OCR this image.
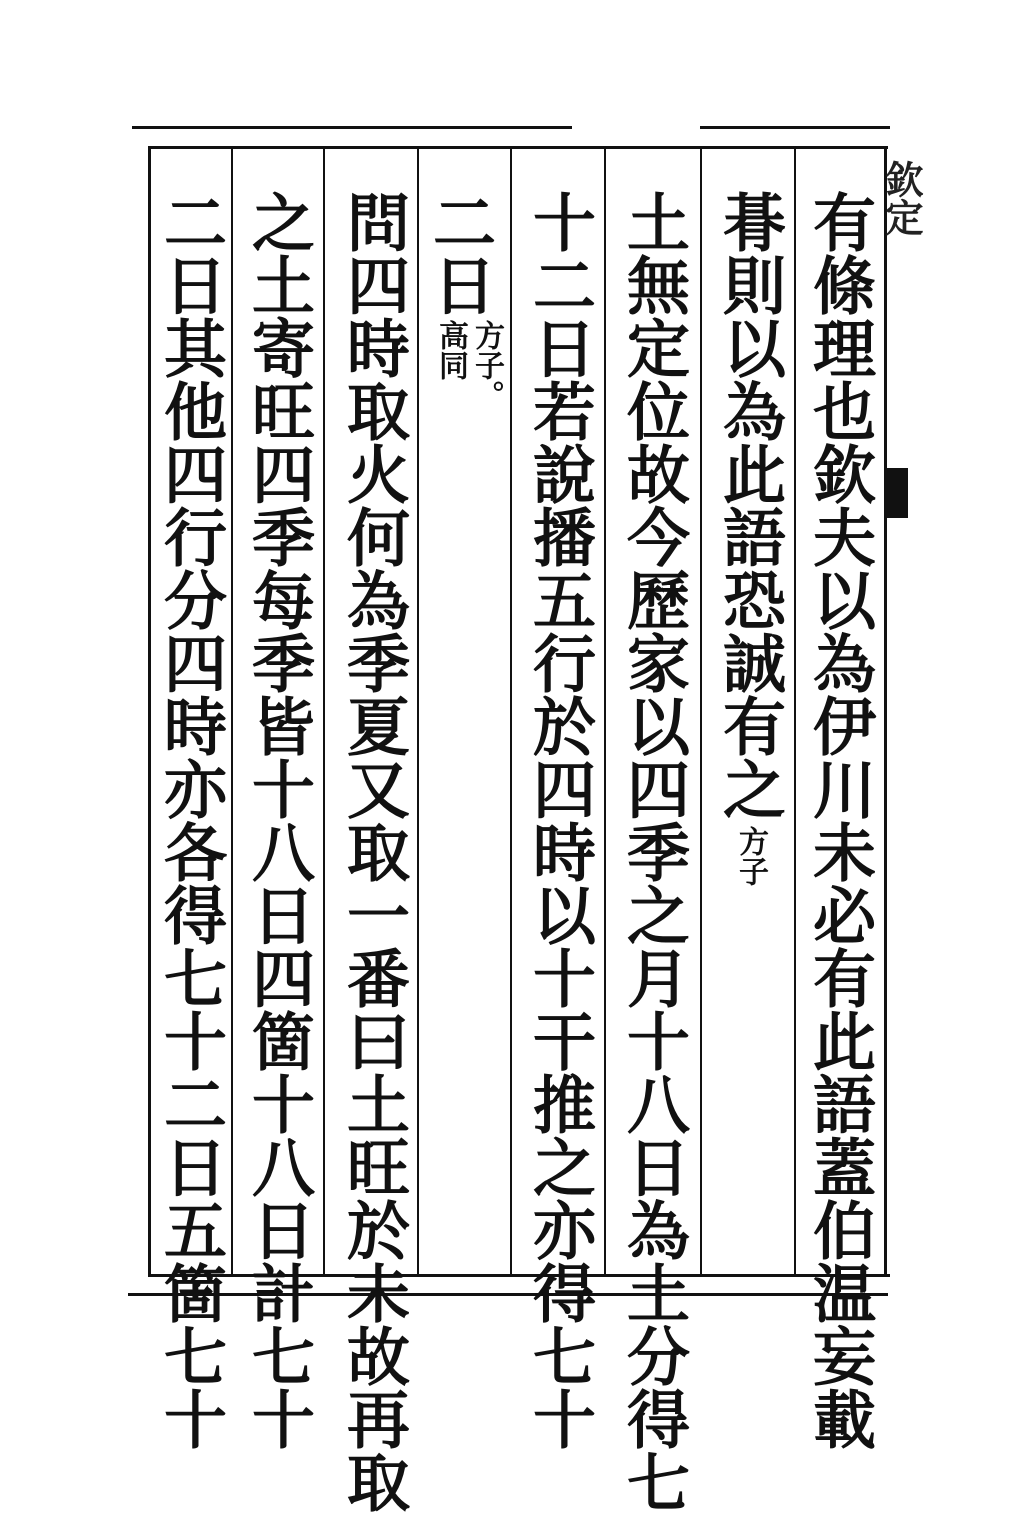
有條理也欽夫以為伊川未必有此語蓋伯温妄載
朞則以為此語恐誠有之
方子
土無定位故今歷家以四季之月十八日為土分得七
十二日若說播五行於四時以十干推之亦得七十
二日
方子。
高同
問四時取火何為季夏又取一番曰土旺於未故再取
之土寄旺四季每季皆十八日四箇十八日計七十
二日其他四行分四時亦各得七十二日五箇七十	欽定
